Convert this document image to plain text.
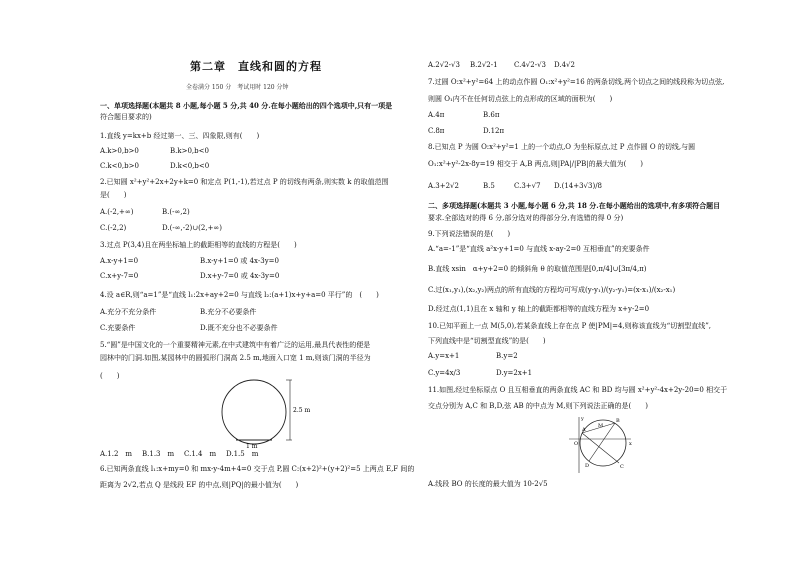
第二章　直线和圆的方程
全卷满分 150 分　考试用时 120 分钟
一、单项选择题(本题共 8 小题,每小题 5 分,共 40 分.在每小题给出的四个选项中,只有一项是
符合题目要求的)
1.直线 y=kx+b 经过第一、三、四象限,则有(　　)
A.k>0,b>0	B.k>0,b<0
C.k<0,b>0	D.k<0,b<0
2.已知圆 x²+y²+2x+2y+k=0 和定点 P(1,-1),若过点 P 的切线有两条,则实数 k 的取值范围
是(　　)
A.(-2,+∞)	B.(-∞,2)
C.(-2,2)	D.(-∞,-2)∪(2,+∞)
3.过点 P(3,4)且在两坐标轴上的截距相等的直线的方程是(　　)
A.x-y+1=0	B.x-y+1=0 或 4x-3y=0
C.x+y-7=0	D.x+y-7=0 或 4x-3y=0
4.设 a∈R,则“a=1”是“直线 l₁:2x+ay+2=0 与直线 l₂:(a+1)x+y+a=0 平行”的　(　　)
A.充分不充分条件	B.充分不必要条件
C.充要条件	D.既不充分也不必要条件
5.“圆”是中国文化的一个重要精神元素,在中式建筑中有着广泛的运用,最具代表性的便是
园林中的门洞.如图,某园林中的圆弧形门洞高 2.5 m,地面入口宽 1 m,则该门洞的半径为
(　　)
A.1.2　m B.1.3　m C.1.4　m D.1.5　m
6.已知两条直线 l₁:x+my=0 和 mx-y-4m+4=0 交于点 P,圆 C:(x+2)²+(y+2)²=5 上两点 E,F 间的
距离为 2√2,若点 Q 是线段 EF 的中点,则|PQ|的最小值为(　　)
A.2√2-√3 B.2√2-1 C.4√2-√3 D.4√2
7.过圆 O:x²+y²=64 上的动点作圆 O₁:x²+y²=16 的两条切线,两个切点之间的线段称为切点弦,
则圆 O₁内不在任何切点弦上的点形成的区域的面积为(　　)
A.4π	B.6π
C.8π	D.12π
8.已知点 P 为圆 O:x²+y²=1 上的一个动点,O 为坐标原点,过 P 点作圆 O 的切线,与圆
O₁:x²+y²-2x-8y=19 相交于 A,B 两点,则|PA|/|PB|的最大值为(　　)
A.3+2√2	B.5	C.3+√7 D.(14+3√3)/8
二、多项选择题(本题共 3 小题,每小题 6 分,共 18 分.在每小题给出的选项中,有多项符合题目
要求.全部选对的得 6 分,部分选对的得部分分,有选错的得 0 分)
9.下列说法错误的是(　　)
A.“a=-1”是“直线 a²x-y+1=0 与直线 x-ay-2=0 互相垂直”的充要条件
B.直线 xsin　α+y+2=0 的倾斜角 θ 的取值范围是[0,π/4]∪[3π/4,π)
C.过(x₁,y₁),(x₂,y₂)两点的所有直线的方程均可写成(y-y₁)/(y₂-y₁)=(x-x₁)/(x₂-x₁)
D.经过点(1,1)且在 x 轴和 y 轴上的截距都相等的直线方程为 x+y-2=0
10.已知平面上一点 M(5,0),若某条直线上存在点 P 使|PM|=4,则称该直线为“切割型直线”,
下列直线中是“切割型直线”的是(　　)
A.y=x+1	B.y=2
C.y=4x/3	D.y=2x+1
11.如图,经过坐标原点 O 且互相垂直的两条直线 AC 和 BD 均与圆 x²+y²-4x+2y-20=0 相交于
交点分别为 A,C 和 B,D,弦 AB 的中点为 M,则下列说法正确的是(　　)
A.线段 BO 的长度的最大值为 10-2√5
2.5 m
1 m
A
B
C
D
M
O	x
y
